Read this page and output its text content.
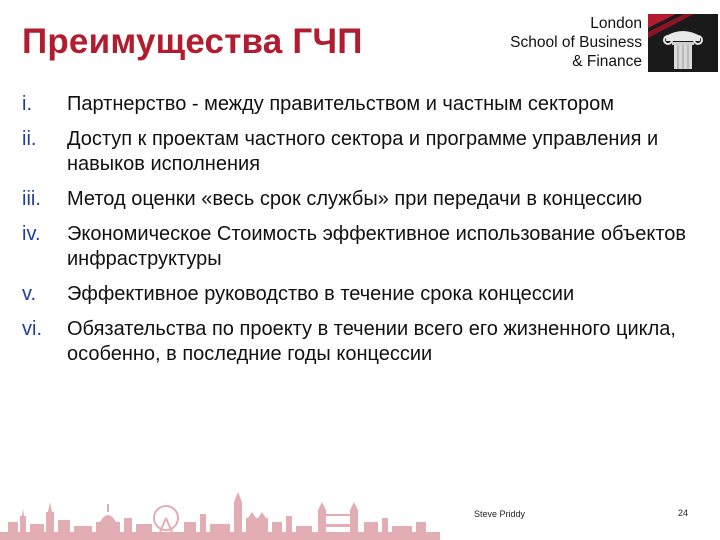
Преимущества ГЧП	London
School of Business
& Finance
i.	Партнерство - между правительством и частным сектором
ii.	Доступ к проектам частного сектора и программе управления и навыков исполнения
iii.	Метод оценки «весь срок службы» при передачи в концессию
iv.	Экономическое Стоимость эффективное использование объектов инфраструктуры
v.	Эффективное руководство в течение срока концессии
vi.	Обязательства по проекту в течении всего его жизненного цикла, особенно, в последние годы концессии
Steve Priddy	24
